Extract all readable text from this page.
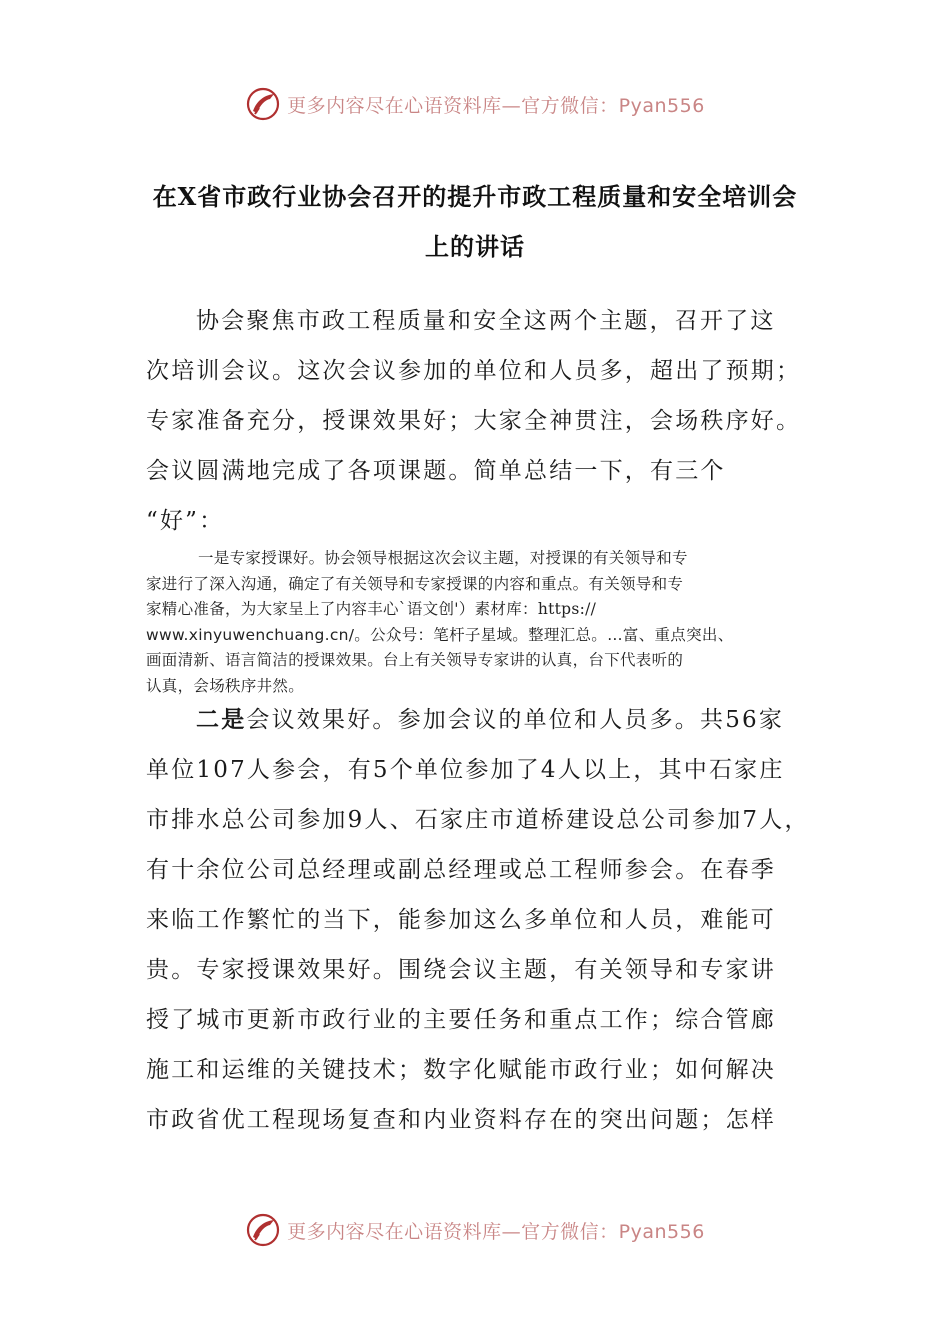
更多内容尽在心语资料库—官方微信：Pyan556
在X省市政行业协会召开的提升市政工程质量和安全培训会
上的讲话
协会聚焦市政工程质量和安全这两个主题，召开了这
次培训会议。这次会议参加的单位和人员多，超出了预期；
专家准备充分，授课效果好；大家全神贯注，会场秩序好。
会议圆满地完成了各项课题。简单总结一下，有三个
“好”：
一是专家授课好。协会领导根据这次会议主题，对授课的有关领导和专
家进行了深入沟通，确定了有关领导和专家授课的内容和重点。有关领导和专
家精心准备，为大家呈上了内容丰心`语文创'）素材库：https://
www.xinyuwenchuang.cn/。公众号：笔杆子星域。整理汇总。…富、重点突出、
画面清新、语言简洁的授课效果。台上有关领导专家讲的认真，台下代表听的
认真，会场秩序井然。
二是会议效果好。参加会议的单位和人员多。共56家
单位107人参会，有5个单位参加了4人以上，其中石家庄
市排水总公司参加9人、石家庄市道桥建设总公司参加7人，
有十余位公司总经理或副总经理或总工程师参会。在春季
来临工作繁忙的当下，能参加这么多单位和人员，难能可
贵。专家授课效果好。围绕会议主题，有关领导和专家讲
授了城市更新市政行业的主要任务和重点工作；综合管廊
施工和运维的关键技术；数字化赋能市政行业；如何解决
市政省优工程现场复查和内业资料存在的突出问题；怎样
更多内容尽在心语资料库—官方微信：Pyan556
